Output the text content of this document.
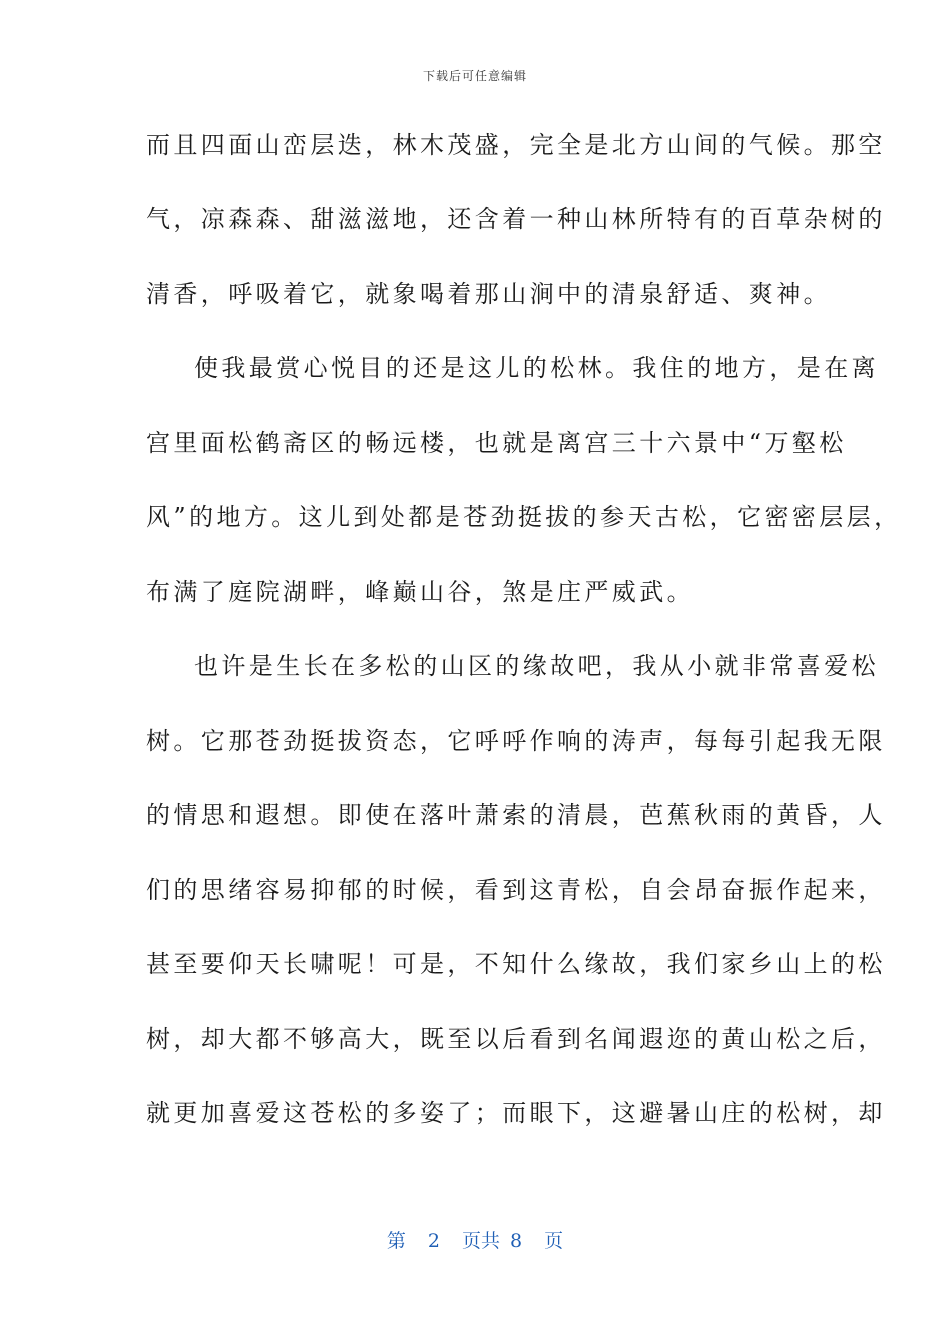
下载后可任意编辑
而且四面山峦层迭，林木茂盛，完全是北方山间的气候。那空
气，凉森森、甜滋滋地，还含着一种山林所特有的百草杂树的
清香，呼吸着它，就象喝着那山涧中的清泉舒适、爽神。
使我最赏心悦目的还是这儿的松林。我住的地方，是在离
宫里面松鹤斋区的畅远楼，也就是离宫三十六景中“万壑松
风”的地方。这儿到处都是苍劲挺拔的参天古松，它密密层层，
布满了庭院湖畔，峰巅山谷，煞是庄严威武。
也许是生长在多松的山区的缘故吧，我从小就非常喜爱松
树。它那苍劲挺拔资态，它呼呼作响的涛声，每每引起我无限
的情思和遐想。即使在落叶萧索的清晨，芭蕉秋雨的黄昏，人
们的思绪容易抑郁的时候，看到这青松，自会昂奋振作起来，
甚至要仰天长啸呢！可是，不知什么缘故，我们家乡山上的松
树，却大都不够高大，既至以后看到名闻遐迩的黄山松之后，
就更加喜爱这苍松的多姿了；而眼下，这避暑山庄的松树，却
第 2 页共 8 页
